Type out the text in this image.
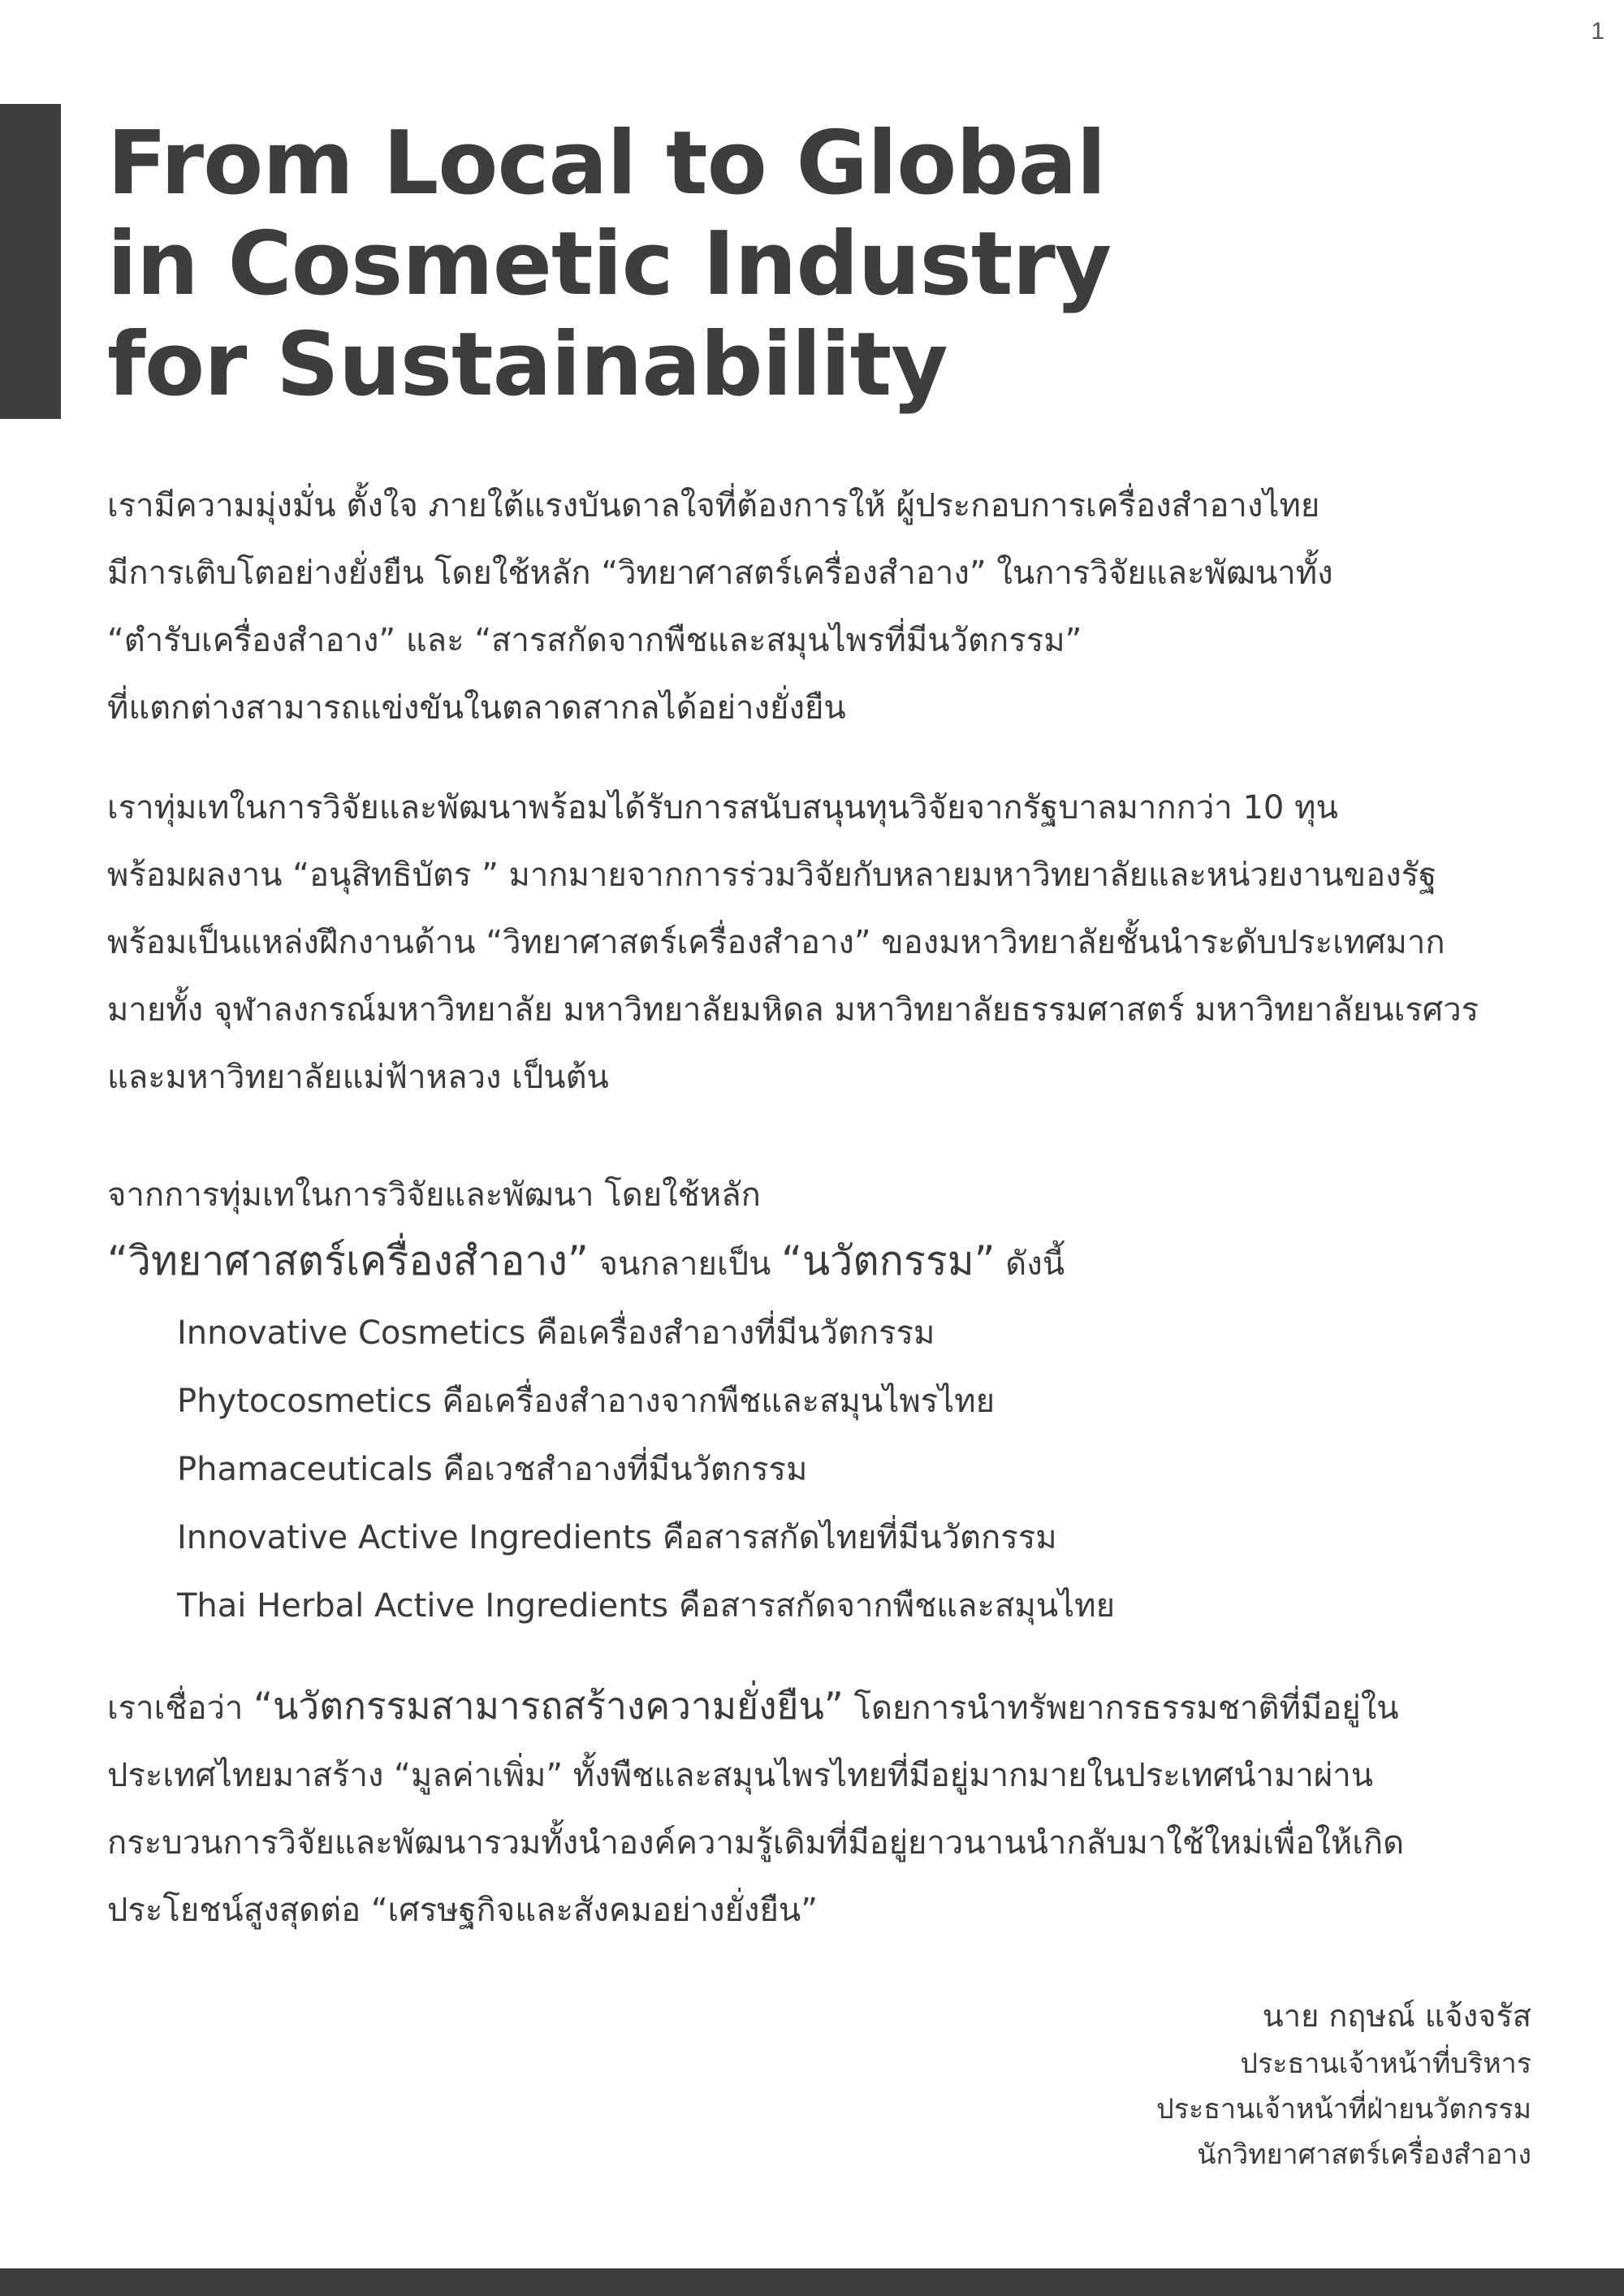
1
From Local to Global
in Cosmetic Industry
for Sustainability

เรามีความมุ่งมั่น ตั้งใจ ภายใต้แรงบันดาลใจที่ต้องการให้ ผู้ประกอบการเครื่องสำอางไทย
มีการเติบโตอย่างยั่งยืน โดยใช้หลัก “วิทยาศาสตร์เครื่องสำอาง” ในการวิจัยและพัฒนาทั้ง
“ตำรับเครื่องสำอาง” และ “สารสกัดจากพืชและสมุนไพรที่มีนวัตกรรม”
ที่แตกต่างสามารถแข่งขันในตลาดสากลได้อย่างยั่งยืน

เราทุ่มเทในการวิจัยและพัฒนาพร้อมได้รับการสนับสนุนทุนวิจัยจากรัฐบาลมากกว่า 10 ทุน
พร้อมผลงาน “อนุสิทธิบัตร ” มากมายจากการร่วมวิจัยกับหลายมหาวิทยาลัยและหน่วยงานของรัฐ
พร้อมเป็นแหล่งฝึกงานด้าน “วิทยาศาสตร์เครื่องสำอาง” ของมหาวิทยาลัยชั้นนำระดับประเทศมาก
มายทั้ง จุฬาลงกรณ์มหาวิทยาลัย มหาวิทยาลัยมหิดล มหาวิทยาลัยธรรมศาสตร์ มหาวิทยาลัยนเรศวร
และมหาวิทยาลัยแม่ฟ้าหลวง เป็นต้น

จากการทุ่มเทในการวิจัยและพัฒนา โดยใช้หลัก
“วิทยาศาสตร์เครื่องสำอาง” จนกลายเป็น “นวัตกรรม” ดังนี้
Innovative Cosmetics คือเครื่องสำอางที่มีนวัตกรรม
Phytocosmetics คือเครื่องสำอางจากพืชและสมุนไพรไทย
Phamaceuticals คือเวชสำอางที่มีนวัตกรรม
Innovative Active Ingredients คือสารสกัดไทยที่มีนวัตกรรม
Thai Herbal Active Ingredients คือสารสกัดจากพืชและสมุนไทย

เราเชื่อว่า “นวัตกรรมสามารถสร้างความยั่งยืน” โดยการนำทรัพยากรธรรมชาติที่มีอยู่ใน
ประเทศไทยมาสร้าง “มูลค่าเพิ่ม” ทั้งพืชและสมุนไพรไทยที่มีอยู่มากมายในประเทศนำมาผ่าน
กระบวนการวิจัยและพัฒนารวมทั้งนำองค์ความรู้เดิมที่มีอยู่ยาวนานนำกลับมาใช้ใหม่เพื่อให้เกิด
ประโยชน์สูงสุดต่อ “เศรษฐกิจและสังคมอย่างยั่งยืน”

นาย กฤษณ์ แจ้งจรัส
ประธานเจ้าหน้าที่บริหาร
ประธานเจ้าหน้าที่ฝ่ายนวัตกรรม
นักวิทยาศาสตร์เครื่องสำอาง
